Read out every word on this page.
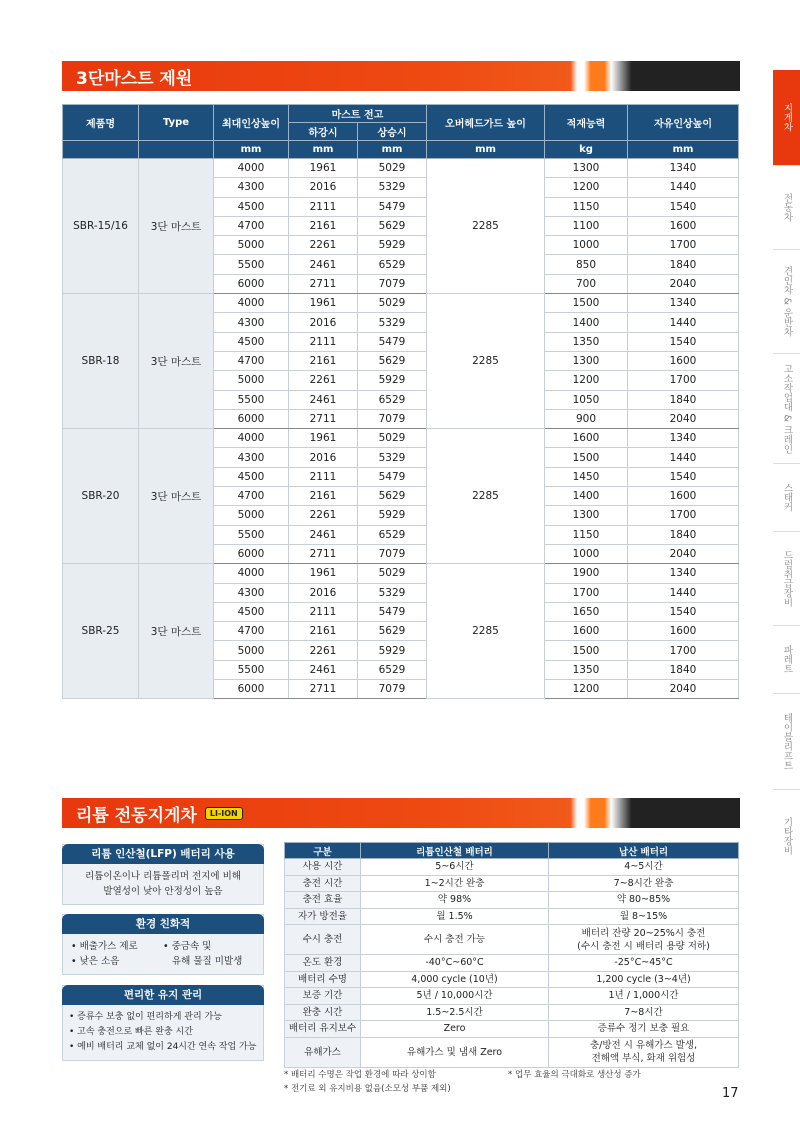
3단마스트 제원
제품명	Type	최대인상높이	마스트 전고		오버헤드가드 높이	적재능력	자유인상높이
			하강시	상승시			
		mm	mm	mm	mm	kg	mm
SBR-15/16	3단 마스트	4000	1961	5029	2285	1300	1340
		4300	2016	5329		1200	1440
		4500	2111	5479		1150	1540
		4700	2161	5629		1100	1600
		5000	2261	5929		1000	1700
		5500	2461	6529		850	1840
		6000	2711	7079		700	2040
SBR-18	3단 마스트	4000	1961	5029	2285	1500	1340
		4300	2016	5329		1400	1440
		4500	2111	5479		1350	1540
		4700	2161	5629		1300	1600
		5000	2261	5929		1200	1700
		5500	2461	6529		1050	1840
		6000	2711	7079		900	2040
SBR-20	3단 마스트	4000	1961	5029	2285	1600	1340
		4300	2016	5329		1500	1440
		4500	2111	5479		1450	1540
		4700	2161	5629		1400	1600
		5000	2261	5929		1300	1700
		5500	2461	6529		1150	1840
		6000	2711	7079		1000	2040
SBR-25	3단 마스트	4000	1961	5029	2285	1900	1340
		4300	2016	5329		1700	1440
		4500	2111	5479		1650	1540
		4700	2161	5629		1600	1600
		5000	2261	5929		1500	1700
		5500	2461	6529		1350	1840
		6000	2711	7079		1200	2040
지게차
전동차
견인차 & 운반차
고소작업대 & 크레인
스태커
드럼취급장비
파레트
테이블리프트
기타장비
리튬 전동지게차	LI-ION
리튬 인산철(LFP) 배터리 사용
리튬이온이나 리튬폴리머 전지에 비해
발열성이 낮아 안정성이 높음
환경 친화적
• 배출가스 제로	• 중금속 및
• 낮은 소음	유해 물질 미발생
편리한 유지 관리
• 증류수 보충 없이 편리하게 관리 가능
• 고속 충전으로 빠른 완충 시간
• 예비 배터리 교체 없이 24시간 연속 작업 가능
구분	리튬인산철 배터리	납산 배터리
사용 시간	5~6시간	4~5시간
충전 시간	1~2시간 완충	7~8시간 완충
충전 효율	약 98%	약 80~85%
자가 방전율	월 1.5%	월 8~15%
수시 충전	수시 충전 가능	배터리 잔량 20~25%시 충전
(수시 충전 시 배터리 용량 저하)

온도 환경	-40°C~60°C	-25°C~45°C
배터리 수명	4,000 cycle (10년)	1,200 cycle (3~4년)
보증 기간	5년 / 10,000시간	1년 / 1,000시간
완충 시간	1.5~2.5시간	7~8시간
배터리 유지보수	Zero	증류수 정기 보충 필요
유해가스	유해가스 및 냄새 Zero	충/방전 시 유해가스 발생,
전해액 부식, 화재 위험성
* 배터리 수명은 작업 환경에 따라 상이함	* 업무 효율의 극대화로 생산성 증가
* 전기료 외 유지비용 없음(소모성 부품 제외)	17
